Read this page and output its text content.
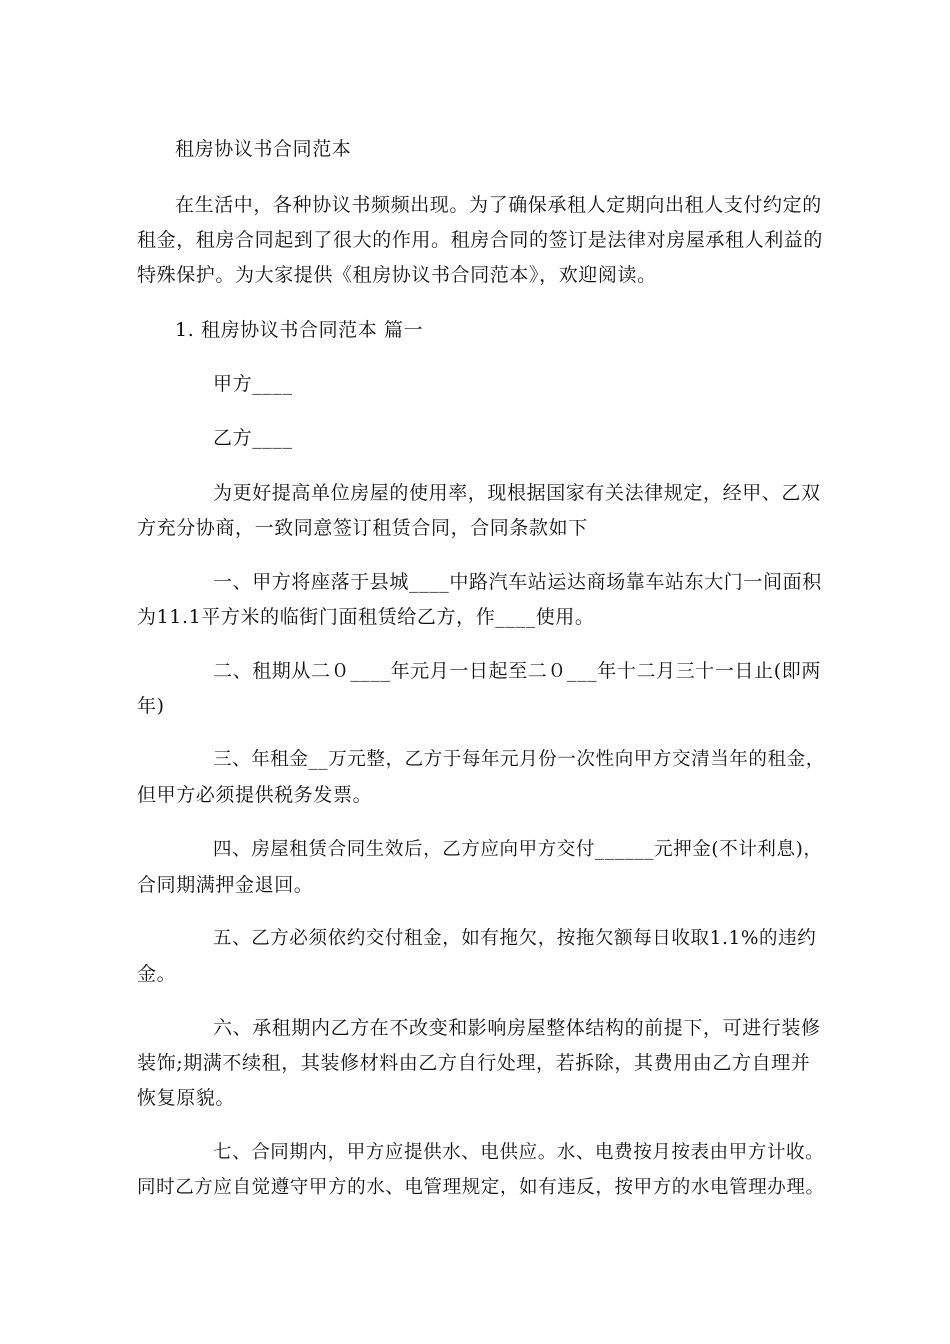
租房协议书合同范本
在生活中，各种协议书频频出现。为了确保承租人定期向出租人支付约定的
租金，租房合同起到了很大的作用。租房合同的签订是法律对房屋承租人利益的
特殊保护。为大家提供《租房协议书合同范本》，欢迎阅读。
1. 租房协议书合同范本 篇一
甲方____
乙方____
为更好提高单位房屋的使用率，现根据国家有关法律规定，经甲、乙双
方充分协商，一致同意签订租赁合同，合同条款如下
一、甲方将座落于县城____中路汽车站运达商场靠车站东大门一间面积
为11.1平方米的临街门面租赁给乙方，作____使用。
二、租期从二０____年元月一日起至二０___年十二月三十一日止(即两
年)
三、年租金__万元整，乙方于每年元月份一次性向甲方交清当年的租金，
但甲方必须提供税务发票。
四、房屋租赁合同生效后，乙方应向甲方交付______元押金(不计利息)，
合同期满押金退回。
五、乙方必须依约交付租金，如有拖欠，按拖欠额每日收取1.1%的违约
金。
六、承租期内乙方在不改变和影响房屋整体结构的前提下，可进行装修
装饰;期满不续租，其装修材料由乙方自行处理，若拆除，其费用由乙方自理并
恢复原貌。
七、合同期内，甲方应提供水、电供应。水、电费按月按表由甲方计收。
同时乙方应自觉遵守甲方的水、电管理规定，如有违反，按甲方的水电管理办理。
